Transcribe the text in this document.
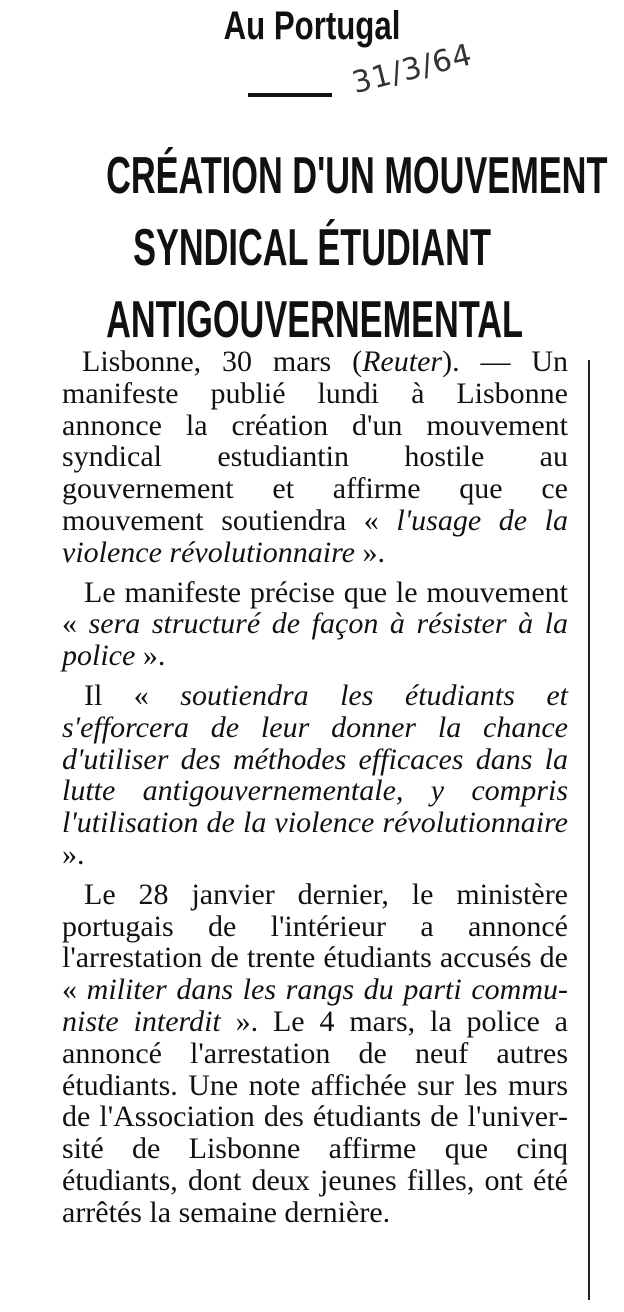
Au Portugal
31/3/64
CRÉATION D'UN MOUVEMENT
SYNDICAL ÉTUDIANT
ANTIGOUVERNEMENTAL

Lisbonne, 30 mars (Reuter). — Un manifeste publié lundi à Lisbonne annonce la création d'un mouvement syndical estudiantin hostile au gouvernement et affirme que ce mouvement soutiendra « l'usage de la violence révolutionnaire ».

Le manifeste précise que le mouvement « sera structuré de façon à résister à la police ».

Il « soutiendra les étudiants et s'efforcera de leur donner la chance d'utiliser des méthodes efficaces dans la lutte antigouvernementale, y compris l'utilisation de la violence révolutionnaire ».

Le 28 janvier dernier, le ministère portugais de l'intérieur a annoncé l'arrestation de trente étudiants accusés de « militer dans les rangs du parti communiste interdit ». Le 4 mars, la police a annoncé l'arrestation de neuf autres étudiants. Une note affichée sur les murs de l'Association des étudiants de l'université de Lisbonne affirme que cinq étudiants, dont deux jeunes filles, ont été arrêtés la semaine dernière.
